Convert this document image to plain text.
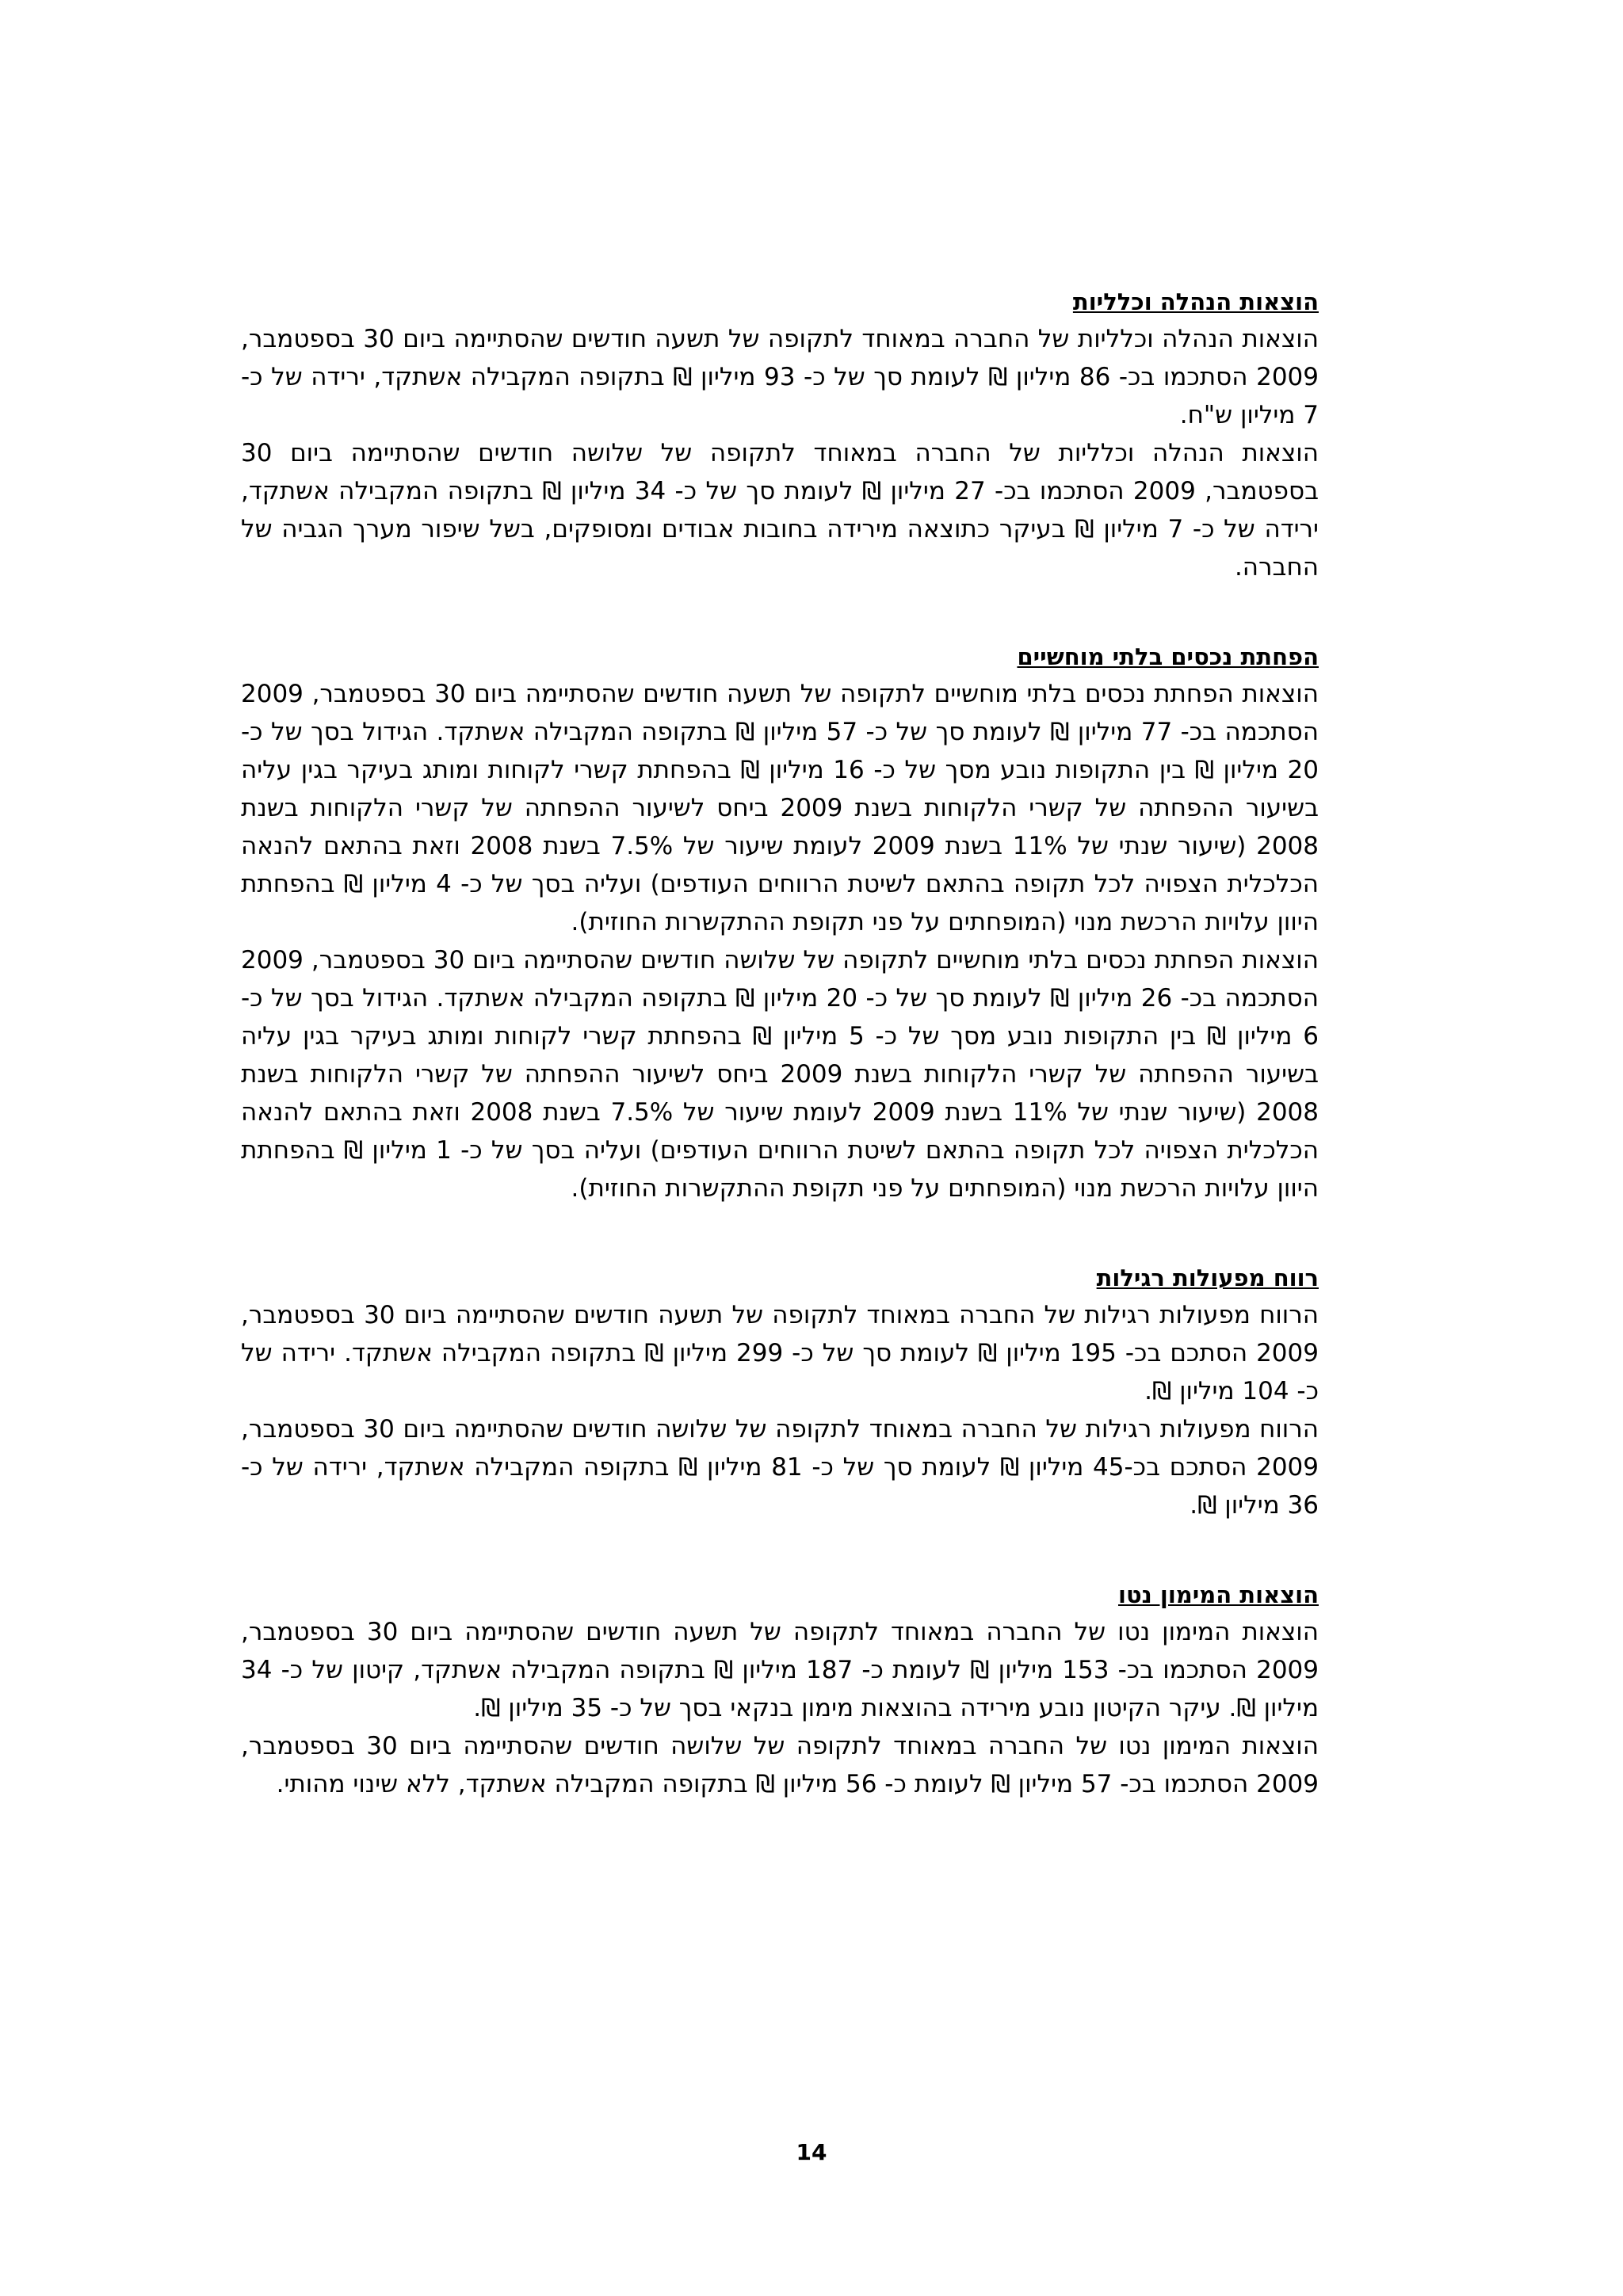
הוצאות הנהלה וכלליות

הוצאות הנהלה וכלליות של החברה במאוחד לתקופה של תשעה חודשים שהסתיימה ביום 30 בספטמבר, 2009 הסתכמו בכ- 86 מיליון ₪ לעומת סך של כ- 93 מיליון ₪ בתקופה המקבילה אשתקד, ירידה של כ- 7 מיליון ש"ח.

הוצאות הנהלה וכלליות של החברה במאוחד לתקופה של שלושה חודשים שהסתיימה ביום 30 בספטמבר, 2009 הסתכמו בכ- 27 מיליון ₪ לעומת סך של כ- 34 מיליון ₪ בתקופה המקבילה אשתקד, ירידה של כ- 7 מיליון ₪ בעיקר כתוצאה מירידה בחובות אבודים ומסופקים, בשל שיפור מערך הגביה של החברה.

הפחתת נכסים בלתי מוחשיים

הוצאות הפחתת נכסים בלתי מוחשיים לתקופה של תשעה חודשים שהסתיימה ביום 30 בספטמבר, 2009 הסתכמה בכ- 77 מיליון ₪ לעומת סך של כ- 57 מיליון ₪ בתקופה המקבילה אשתקד. הגידול בסך של כ- 20 מיליון ₪ בין התקופות נובע מסך של כ- 16 מיליון ₪ בהפחתת קשרי לקוחות ומותג בעיקר בגין עליה בשיעור ההפחתה של קשרי הלקוחות בשנת 2009 ביחס לשיעור ההפחתה של קשרי הלקוחות בשנת 2008 (שיעור שנתי של 11% בשנת 2009 לעומת שיעור של 7.5% בשנת 2008 וזאת בהתאם להנאה הכלכלית הצפויה לכל תקופה בהתאם לשיטת הרווחים העודפים) ועליה בסך של כ- 4 מיליון ₪ בהפחתת היוון עלויות הרכשת מנוי (המופחתים על פני תקופת ההתקשרות החוזית).

הוצאות הפחתת נכסים בלתי מוחשיים לתקופה של שלושה חודשים שהסתיימה ביום 30 בספטמבר, 2009 הסתכמה בכ- 26 מיליון ₪ לעומת סך של כ- 20 מיליון ₪ בתקופה המקבילה אשתקד. הגידול בסך של כ- 6 מיליון ₪ בין התקופות נובע מסך של כ- 5 מיליון ₪ בהפחתת קשרי לקוחות ומותג בעיקר בגין עליה בשיעור ההפחתה של קשרי הלקוחות בשנת 2009 ביחס לשיעור ההפחתה של קשרי הלקוחות בשנת 2008 (שיעור שנתי של 11% בשנת 2009 לעומת שיעור של 7.5% בשנת 2008 וזאת בהתאם להנאה הכלכלית הצפויה לכל תקופה בהתאם לשיטת הרווחים העודפים) ועליה בסך של כ- 1 מיליון ₪ בהפחתת היוון עלויות הרכשת מנוי (המופחתים על פני תקופת ההתקשרות החוזית).

רווח מפעולות רגילות

הרווח מפעולות רגילות של החברה במאוחד לתקופה של תשעה חודשים שהסתיימה ביום 30 בספטמבר, 2009 הסתכם בכ- 195 מיליון ₪ לעומת סך של כ- 299 מיליון ₪ בתקופה המקבילה אשתקד. ירידה של כ- 104 מיליון ₪.

הרווח מפעולות רגילות של החברה במאוחד לתקופה של שלושה חודשים שהסתיימה ביום 30 בספטמבר, 2009 הסתכם בכ-45 מיליון ₪ לעומת סך של כ- 81 מיליון ₪ בתקופה המקבילה אשתקד, ירידה של כ- 36 מיליון ₪.

הוצאות המימון נטו

הוצאות המימון נטו של החברה במאוחד לתקופה של תשעה חודשים שהסתיימה ביום 30 בספטמבר, 2009 הסתכמו בכ- 153 מיליון ₪ לעומת כ- 187 מיליון ₪ בתקופה המקבילה אשתקד, קיטון של כ- 34 מיליון ₪. עיקר הקיטון נובע מירידה בהוצאות מימון בנקאי בסך של כ- 35 מיליון ₪.

הוצאות המימון נטו של החברה במאוחד לתקופה של שלושה חודשים שהסתיימה ביום 30 בספטמבר, 2009 הסתכמו בכ- 57 מיליון ₪ לעומת כ- 56 מיליון ₪ בתקופה המקבילה אשתקד, ללא שינוי מהותי.

14
